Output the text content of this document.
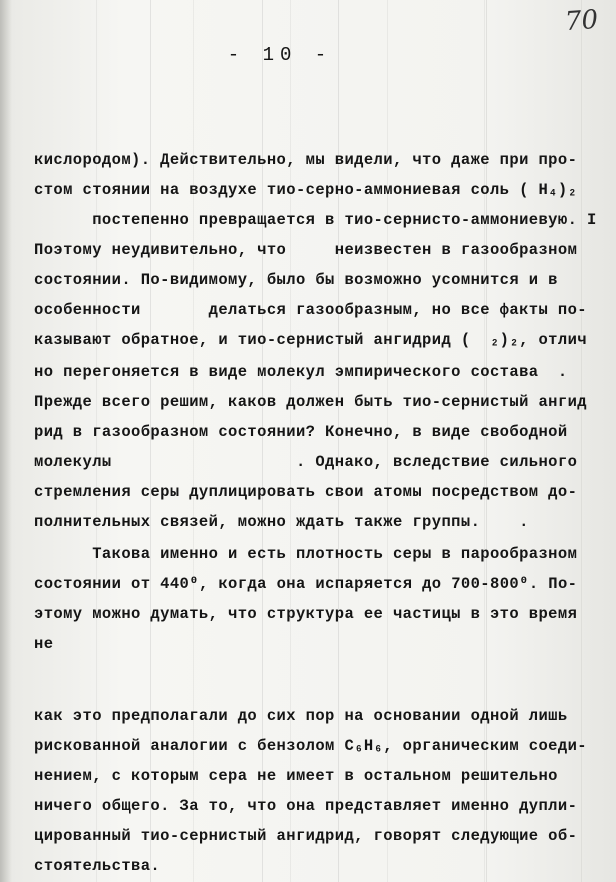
70
- 10 -
кислородом). Действительно, мы видели, что даже при про-
стом стоянии на воздухе тио-серно-аммониевая соль ( H₄)₂
постепенно превращается в тио-сернисто-аммониевую. I
Поэтому неудивительно, что     неизвестен в газообразном
состоянии. По-видимому, было бы возможно усомнится и в
особенности       делаться газообразным, но все факты по-
казывают обратное, и тио-сернистый ангидрид (  ₂)₂, отлич
но перегоняется в виде молекул эмпирического состава  .
Прежде всего решим, каков должен быть тио-сернистый ангид
рид в газообразном состоянии? Конечно, в виде свободной
молекулы                   . Однако, вследствие сильного
стремления серы дуплицировать свои атомы посредством до-
полнительных связей, можно ждать также группы.    .
Такова именно и есть плотность серы в парообразном
состоянии от 440⁰, когда она испаряется до 700-800⁰. По-
этому можно думать, что структура ее частицы в это время
не
как это предполагали до сих пор на основании одной лишь
рискованной аналогии с бензолом C₆H₆, органическим соеди-
нением, с которым сера не имеет в остальном решительно
ничего общего. За то, что она представляет именно дупли-
цированный тио-сернистый ангидрид, говорят следующие об-
стоятельства.
